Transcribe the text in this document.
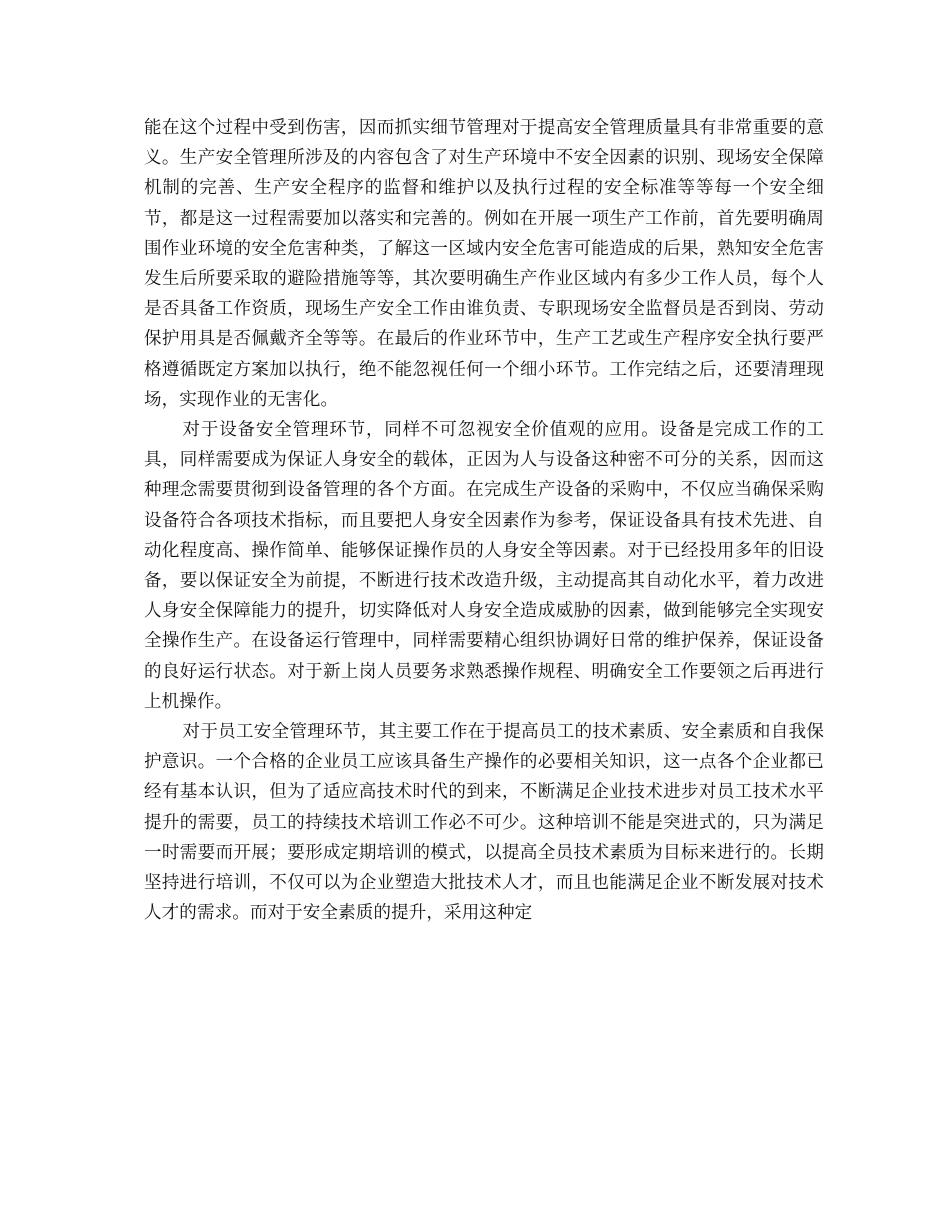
能在这个过程中受到伤害，因而抓实细节管理对于提高安全管理质量具有非常重要的意义。生产安全管理所涉及的内容包含了对生产环境中不安全因素的识别、现场安全保障机制的完善、生产安全程序的监督和维护以及执行过程的安全标准等等每一个安全细节，都是这一过程需要加以落实和完善的。例如在开展一项生产工作前，首先要明确周围作业环境的安全危害种类，了解这一区域内安全危害可能造成的后果，熟知安全危害发生后所要采取的避险措施等等，其次要明确生产作业区域内有多少工作人员，每个人是否具备工作资质，现场生产安全工作由谁负责、专职现场安全监督员是否到岗、劳动保护用具是否佩戴齐全等等。在最后的作业环节中，生产工艺或生产程序安全执行要严格遵循既定方案加以执行，绝不能忽视任何一个细小环节。工作完结之后，还要清理现场，实现作业的无害化。

对于设备安全管理环节，同样不可忽视安全价值观的应用。设备是完成工作的工具，同样需要成为保证人身安全的载体，正因为人与设备这种密不可分的关系，因而这种理念需要贯彻到设备管理的各个方面。在完成生产设备的采购中，不仅应当确保采购设备符合各项技术指标，而且要把人身安全因素作为参考，保证设备具有技术先进、自动化程度高、操作简单、能够保证操作员的人身安全等因素。对于已经投用多年的旧设备，要以保证安全为前提，不断进行技术改造升级，主动提高其自动化水平，着力改进人身安全保障能力的提升，切实降低对人身安全造成威胁的因素，做到能够完全实现安全操作生产。在设备运行管理中，同样需要精心组织协调好日常的维护保养，保证设备的良好运行状态。对于新上岗人员要务求熟悉操作规程、明确安全工作要领之后再进行上机操作。

对于员工安全管理环节，其主要工作在于提高员工的技术素质、安全素质和自我保护意识。一个合格的企业员工应该具备生产操作的必要相关知识，这一点各个企业都已经有基本认识，但为了适应高技术时代的到来，不断满足企业技术进步对员工技术水平提升的需要，员工的持续技术培训工作必不可少。这种培训不能是突进式的，只为满足一时需要而开展；要形成定期培训的模式，以提高全员技术素质为目标来进行的。长期坚持进行培训，不仅可以为企业塑造大批技术人才，而且也能满足企业不断发展对技术人才的需求。而对于安全素质的提升，采用这种定
